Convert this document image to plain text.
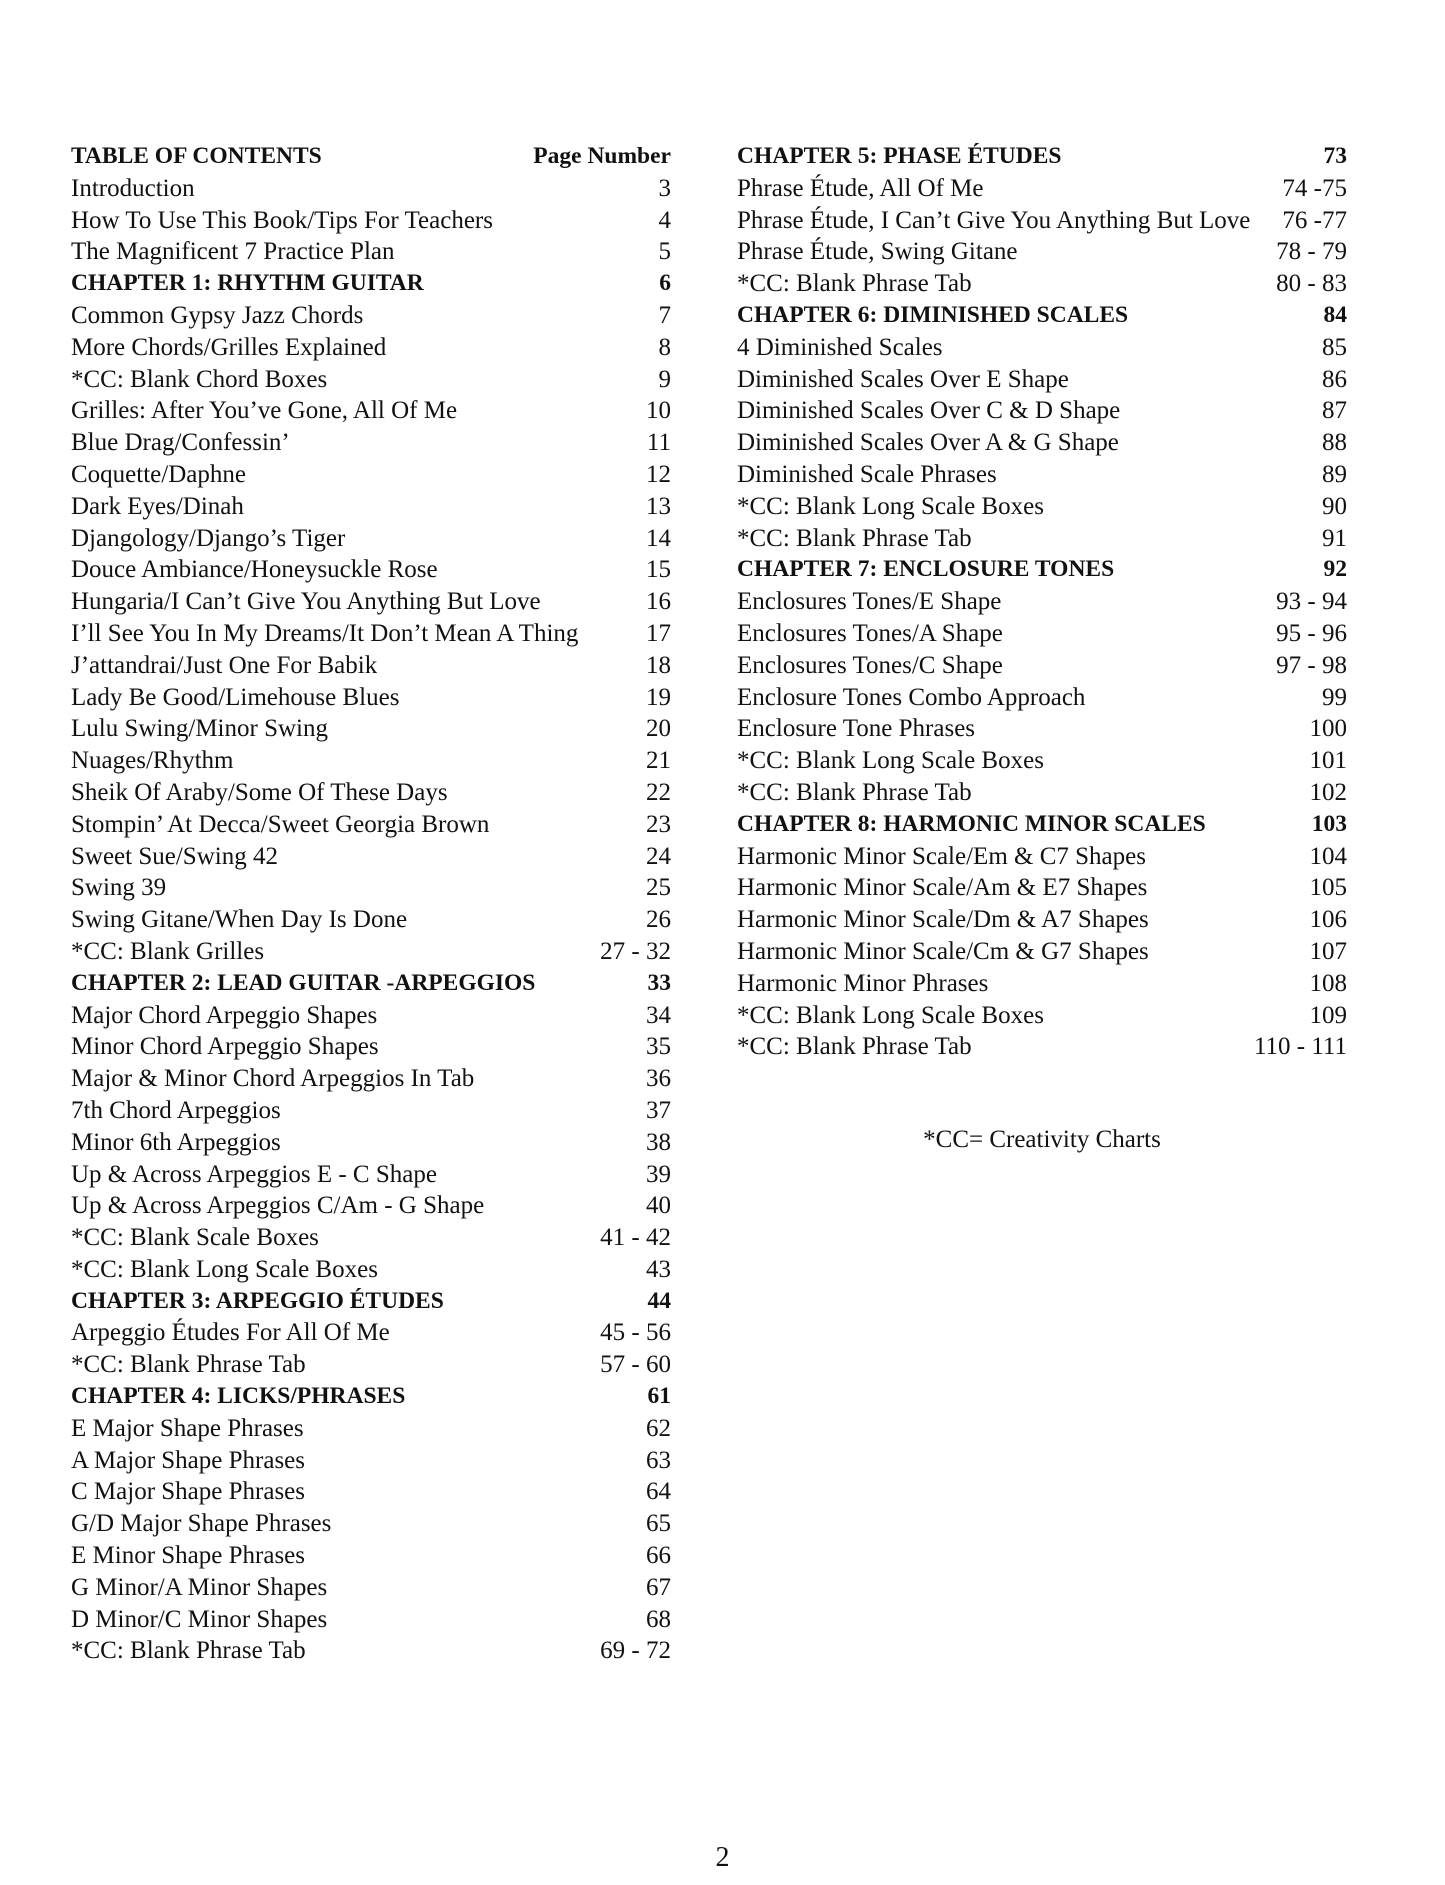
TABLE OF CONTENTS	Page Number
Introduction	3
How To Use This Book/Tips For Teachers	4
The Magnificent 7 Practice Plan	5
CHAPTER 1: RHYTHM GUITAR	6
Common Gypsy Jazz Chords	7
More Chords/Grilles Explained	8
*CC: Blank Chord Boxes	9
Grilles: After You’ve Gone, All Of Me	10
Blue Drag/Confessin’	11
Coquette/Daphne	12
Dark Eyes/Dinah	13
Djangology/Django’s Tiger	14
Douce Ambiance/Honeysuckle Rose	15
Hungaria/I Can’t Give You Anything But Love	16
I’ll See You In My Dreams/It Don’t Mean A Thing	17
J’attandrai/Just One For Babik	18
Lady Be Good/Limehouse Blues	19
Lulu Swing/Minor Swing	20
Nuages/Rhythm	21
Sheik Of Araby/Some Of These Days	22
Stompin’ At Decca/Sweet Georgia Brown	23
Sweet Sue/Swing 42	24
Swing 39	25
Swing Gitane/When Day Is Done	26
*CC: Blank Grilles	27 - 32
CHAPTER 2: LEAD GUITAR -ARPEGGIOS	33
Major Chord Arpeggio Shapes	34
Minor Chord Arpeggio Shapes	35
Major & Minor Chord Arpeggios In Tab	36
7th Chord Arpeggios	37
Minor 6th Arpeggios	38
Up & Across Arpeggios E - C Shape	39
Up & Across Arpeggios C/Am - G Shape	40
*CC: Blank Scale Boxes	41 - 42
*CC: Blank Long Scale Boxes	43
CHAPTER 3: ARPEGGIO ÉTUDES	44
Arpeggio Études For All Of Me	45 - 56
*CC: Blank Phrase Tab	57 - 60
CHAPTER 4: LICKS/PHRASES	61
E Major Shape Phrases	62
A Major Shape Phrases	63
C Major Shape Phrases	64
G/D Major Shape Phrases	65
E Minor Shape Phrases	66
G Minor/A Minor Shapes	67
D Minor/C Minor Shapes	68
*CC: Blank Phrase Tab	69 - 72
CHAPTER 5: PHASE ÉTUDES	73
Phrase Étude, All Of Me	74 -75
Phrase Étude, I Can’t Give You Anything But Love	76 -77
Phrase Étude, Swing Gitane	78 - 79
*CC: Blank Phrase Tab	80 - 83
CHAPTER 6: DIMINISHED SCALES	84
4 Diminished Scales	85
Diminished Scales Over E Shape	86
Diminished Scales Over C & D Shape	87
Diminished Scales Over A & G Shape	88
Diminished Scale Phrases	89
*CC: Blank Long Scale Boxes	90
*CC: Blank Phrase Tab	91
CHAPTER 7: ENCLOSURE TONES	92
Enclosures Tones/E Shape	93 - 94
Enclosures Tones/A Shape	95 - 96
Enclosures Tones/C Shape	97 - 98
Enclosure Tones Combo Approach	99
Enclosure Tone Phrases	100
*CC: Blank Long Scale Boxes	101
*CC: Blank Phrase Tab	102
CHAPTER 8: HARMONIC MINOR SCALES	103
Harmonic Minor Scale/Em & C7 Shapes	104
Harmonic Minor Scale/Am & E7 Shapes	105
Harmonic Minor Scale/Dm & A7 Shapes	106
Harmonic Minor Scale/Cm & G7 Shapes	107
Harmonic Minor Phrases	108
*CC: Blank Long Scale Boxes	109
*CC: Blank Phrase Tab	110 - 111
*CC= Creativity Charts
2
